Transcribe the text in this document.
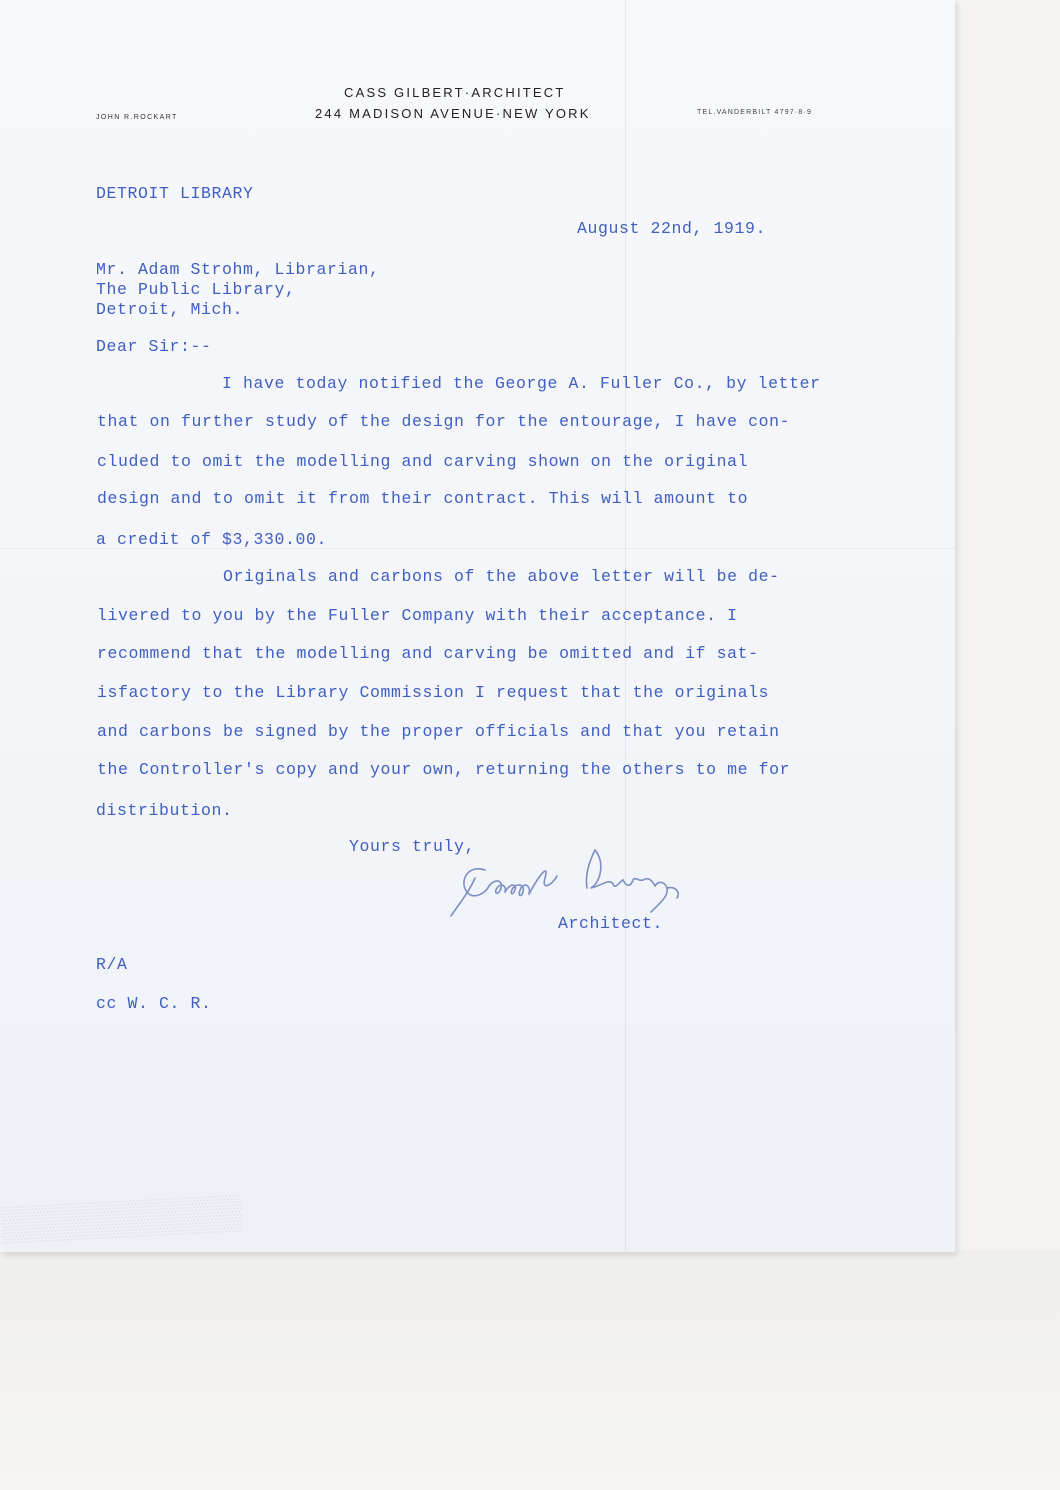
CASS GILBERT·ARCHITECT
244 MADISON AVENUE·NEW YORK
JOHN R.ROCKART
TEL.VANDERBILT 4797·8·9
DETROIT LIBRARY
August 22nd, 1919.
Mr. Adam Strohm, Librarian,
The Public Library,
Detroit, Mich.
Dear Sir:--
I have today notified the George A. Fuller Co., by letter
that on further study of the design for the entourage, I have con-
cluded to omit the modelling and carving shown on the original
design and to omit it from their contract. This will amount to
a credit of $3,330.00.
Originals and carbons of the above letter will be de-
livered to you by the Fuller Company with their acceptance. I
recommend that the modelling and carving be omitted and if sat-
isfactory to the Library Commission I request that the originals
and carbons be signed by the proper officials and that you retain
the Controller's copy and your own, returning the others to me for
distribution.
Yours truly,
Architect.
R/A
cc W. C. R.
▒▒▒▒▒▒▒▒▒▒
